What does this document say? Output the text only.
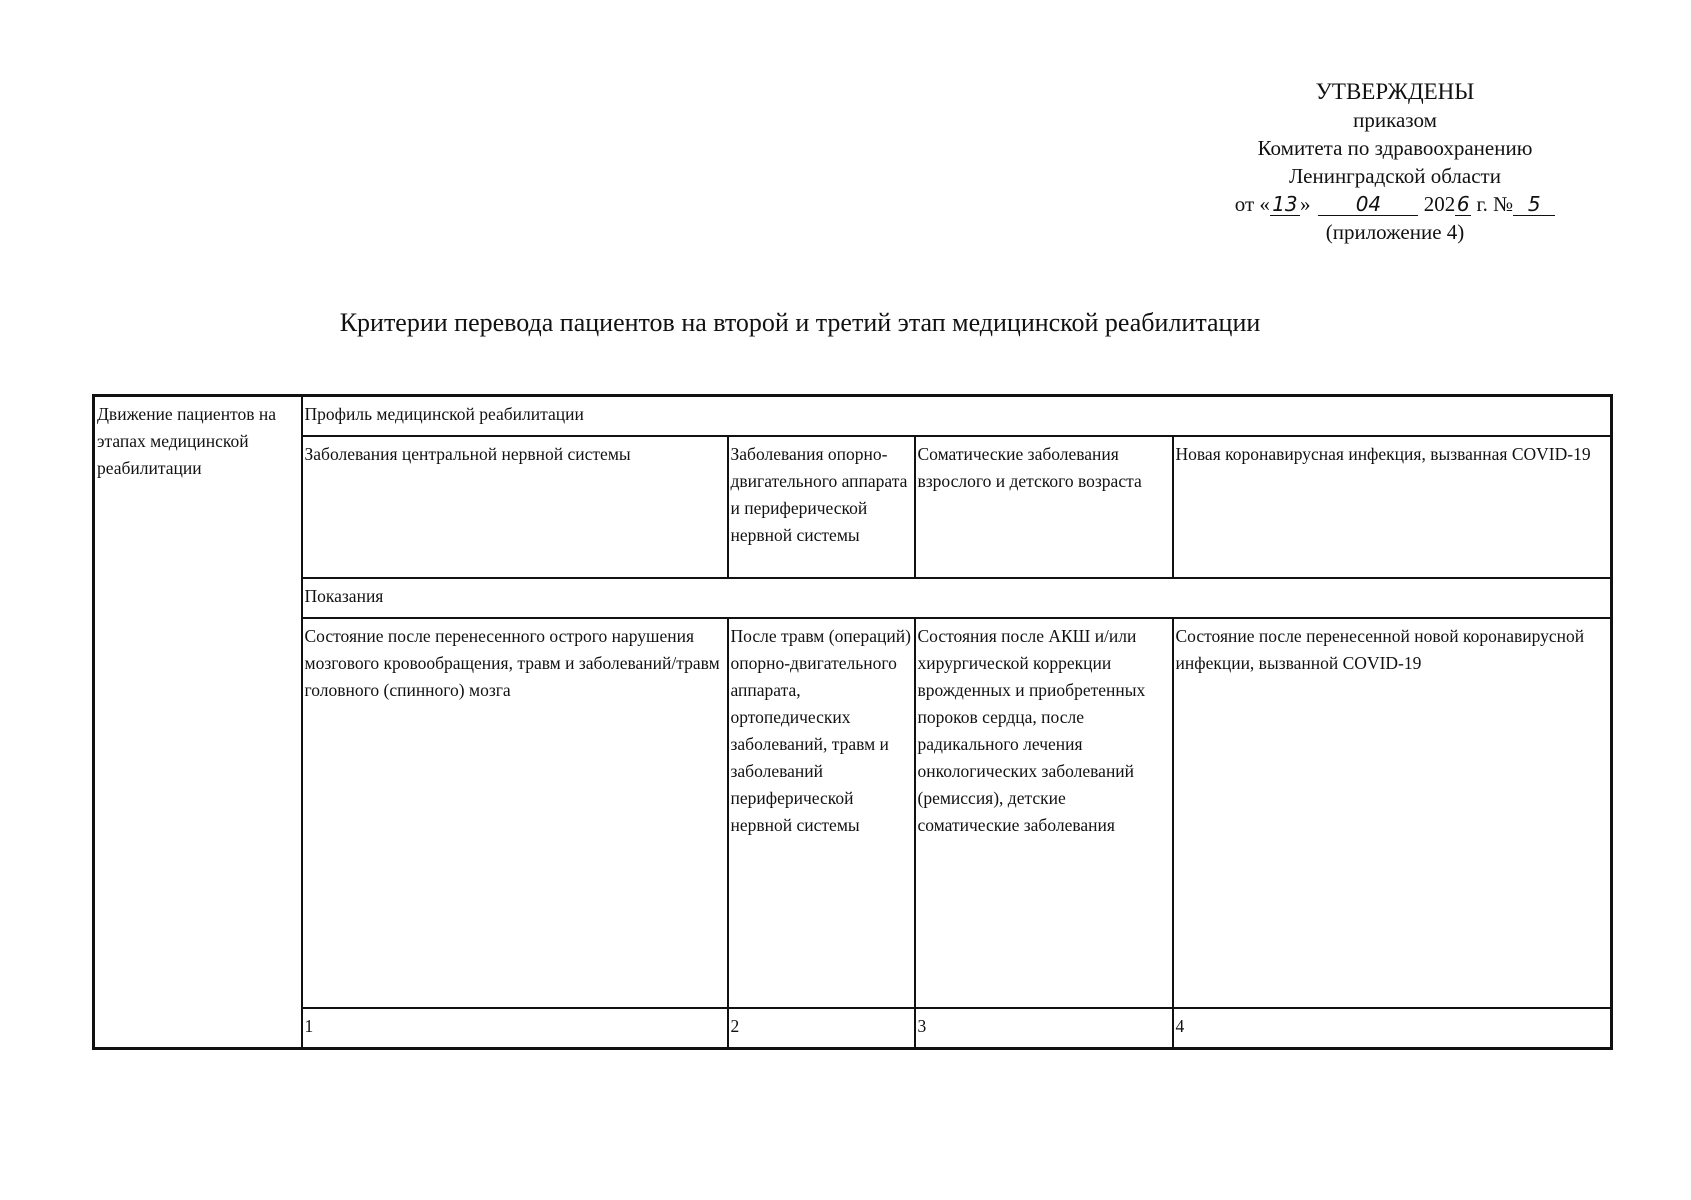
УТВЕРЖДЕНЫ
приказом
Комитета по здравоохранению
Ленинградской области
от « 13 » 04 2026 г. № 5
(приложение 4)
Критерии перевода пациентов на второй и третий этап медицинской реабилитации
Движение пациентов на этапах медицинской реабилитации	Профиль медицинской реабилитации			
	Заболевания центральной нервной системы	Заболевания опорно-двигательного аппарата и периферической нервной системы	Соматические заболевания взрослого и детского возраста	Новая коронавирусная инфекция, вызванная COVID-19
	Показания			
	Состояние после перенесенного острого нарушения мозгового кровообращения, травм и заболеваний/травм головного (спинного) мозга	После травм (операций) опорно-двигательного аппарата, ортопедических заболеваний, травм и заболеваний периферической нервной системы	Состояния после АКШ и/или хирургической коррекции врожденных и приобретенных пороков сердца, после радикального лечения онкологических заболеваний (ремиссия), детские соматические заболевания	Состояние после перенесенной новой коронавирусной инфекции, вызванной COVID-19
	1	2	3	4
